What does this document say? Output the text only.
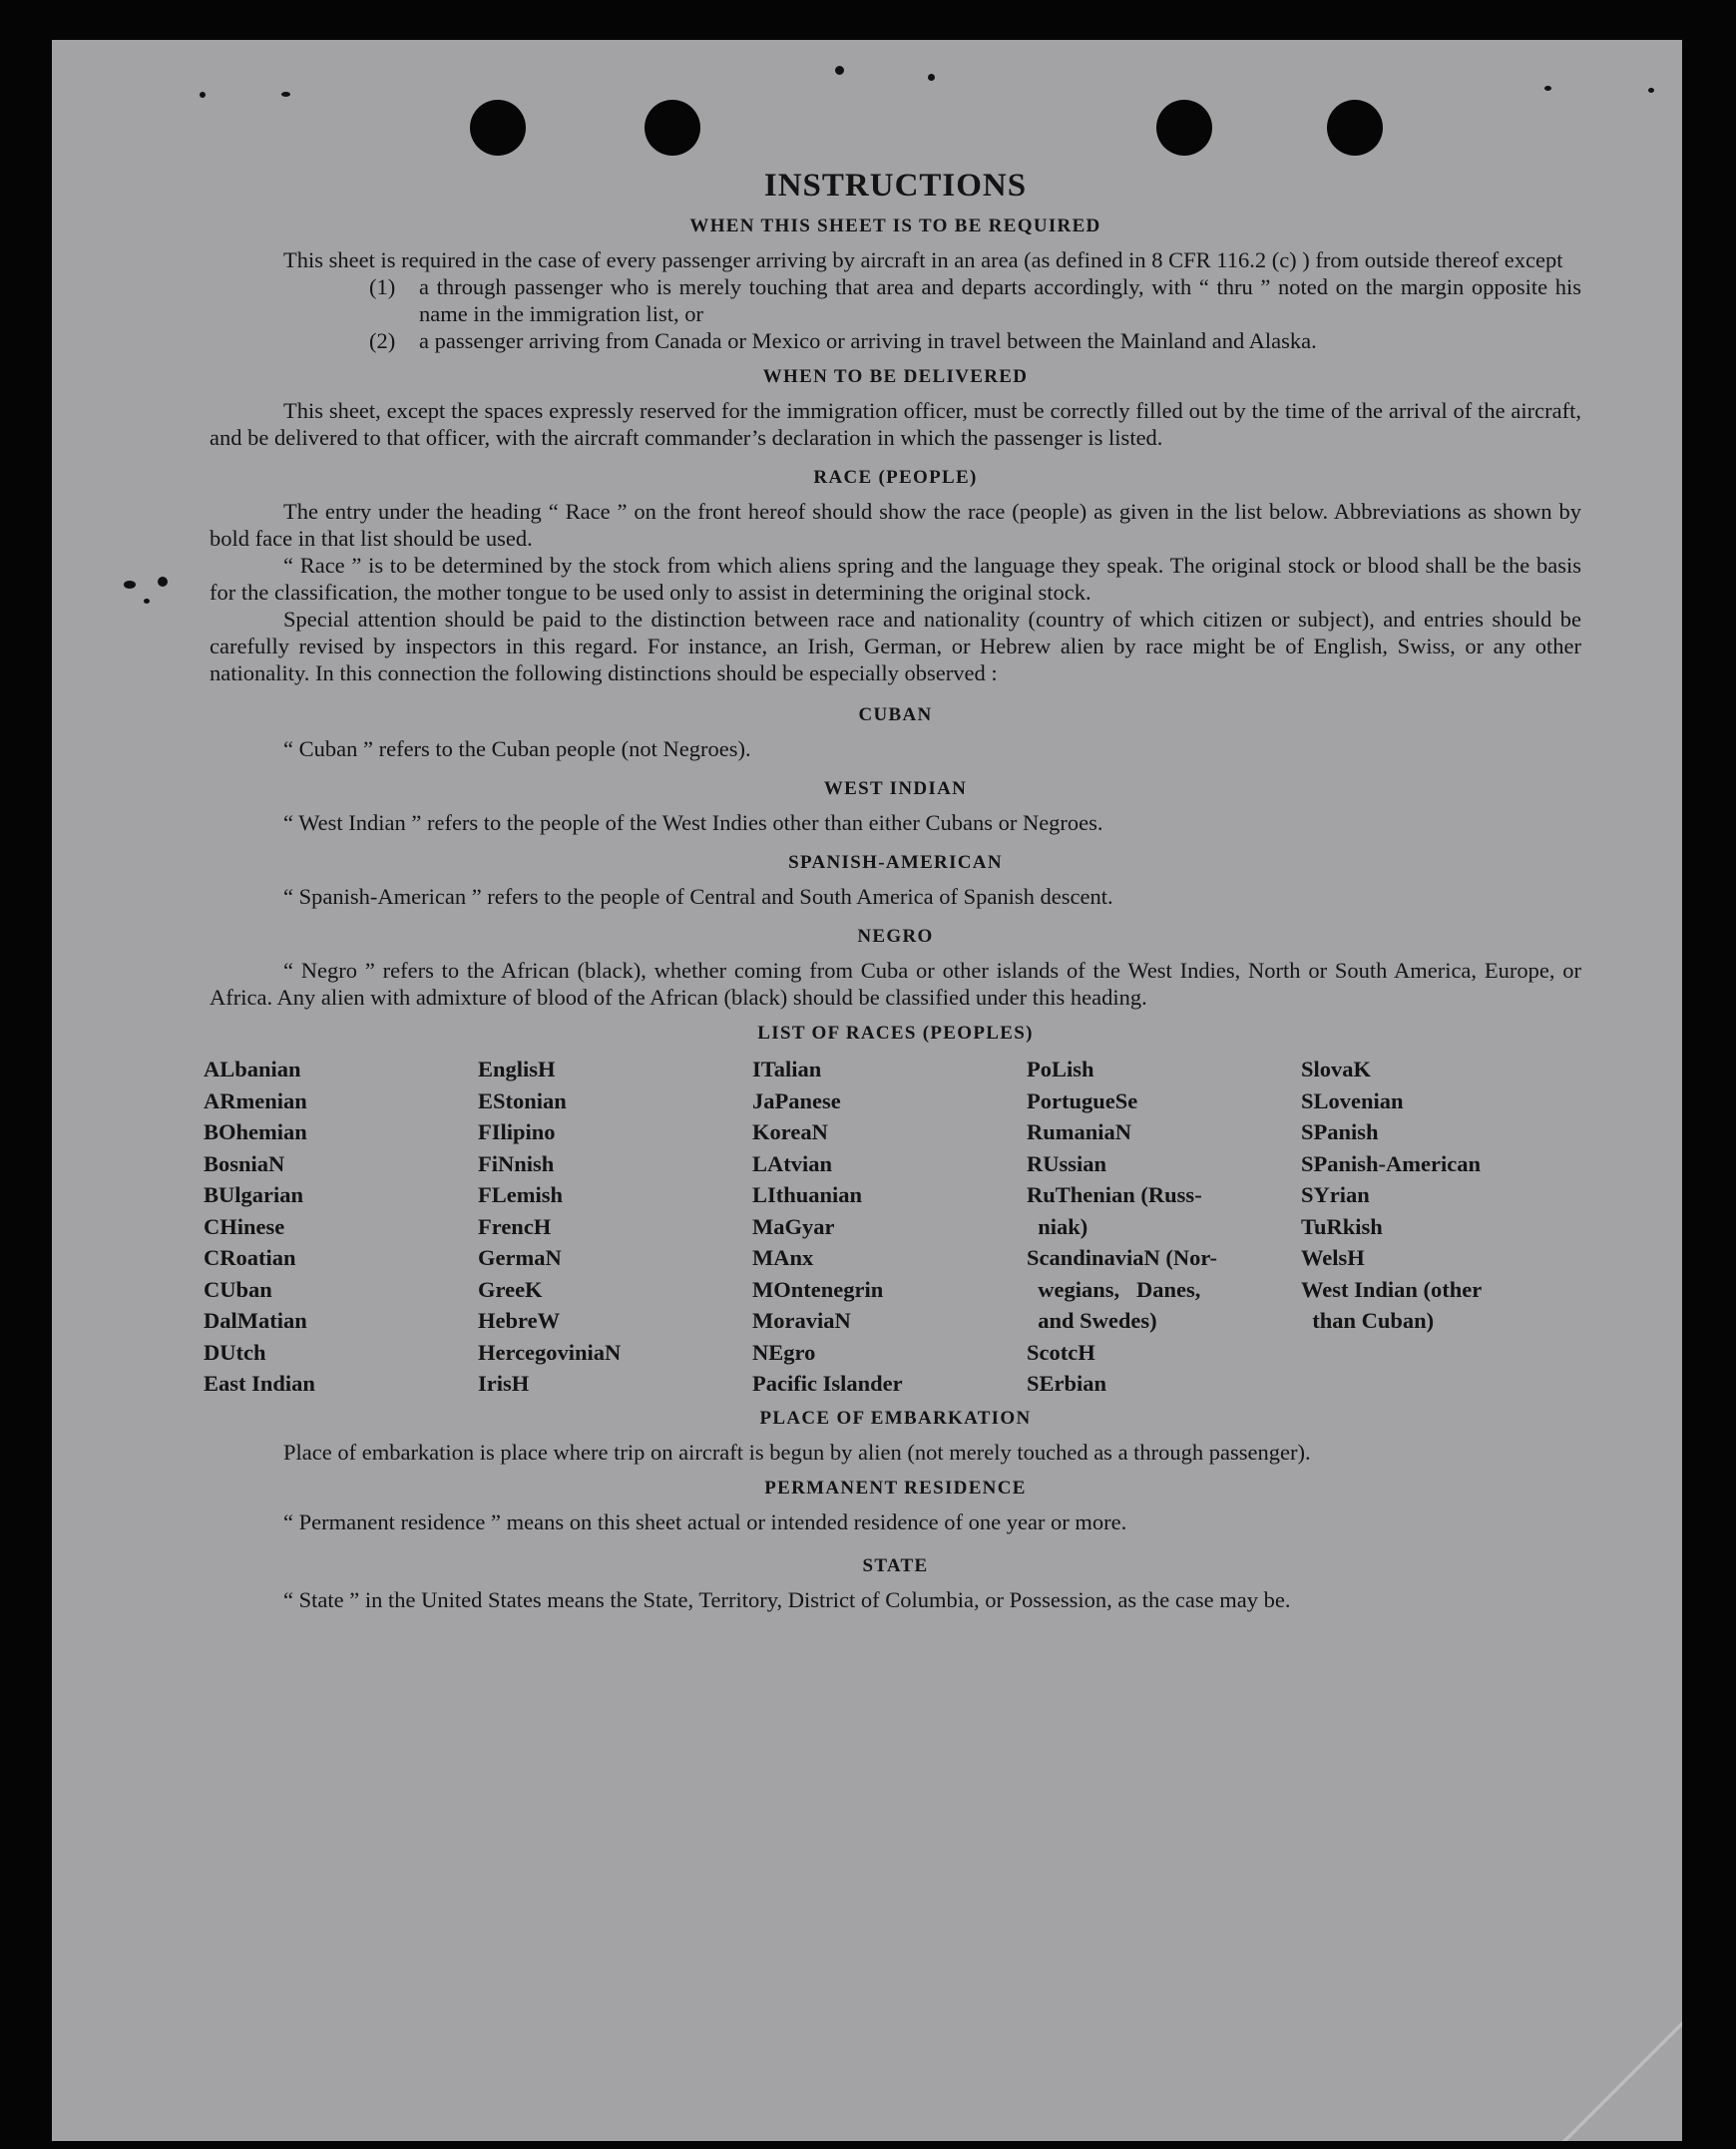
INSTRUCTIONS
WHEN THIS SHEET IS TO BE REQUIRED

This sheet is required in the case of every passenger arriving by aircraft in an area (as defined in 8 CFR 116.2 (c) ) from outside thereof except

(1)	a through passenger who is merely touching that area and departs accordingly, with “ thru ” noted on the margin opposite his name in the immigration list, or

(2)	a passenger arriving from Canada or Mexico or arriving in travel between the Mainland and Alaska.

WHEN TO BE DELIVERED

This sheet, except the spaces expressly reserved for the immigration officer, must be correctly filled out by the time of the arrival of the aircraft, and be delivered to that officer, with the aircraft commander’s declaration in which the passenger is listed.

RACE (PEOPLE)

The entry under the heading “ Race ” on the front hereof should show the race (people) as given in the list below. Abbreviations as shown by bold face in that list should be used.

“ Race ” is to be determined by the stock from which aliens spring and the language they speak. The original stock or blood shall be the basis for the classification, the mother tongue to be used only to assist in determining the original stock.

Special attention should be paid to the distinction between race and nationality (country of which citizen or subject), and entries should be carefully revised by inspectors in this regard. For instance, an Irish, German, or Hebrew alien by race might be of English, Swiss, or any other nationality. In this connection the following distinctions should be especially observed :

CUBAN

“ Cuban ” refers to the Cuban people (not Negroes).

WEST INDIAN

“ West Indian ” refers to the people of the West Indies other than either Cubans or Negroes.

SPANISH-AMERICAN

“ Spanish-American ” refers to the people of Central and South America of Spanish descent.

NEGRO

“ Negro ” refers to the African (black), whether coming from Cuba or other islands of the West Indies, North or South America, Europe, or Africa. Any alien with admixture of blood of the African (black) should be classified under this heading.

LIST OF RACES (PEOPLES)
ALbanian
ARmenian
BOhemian
BosniaN
BUlgarian
CHinese
CRoatian
CUban
DalMatian
DUtch
East Indian
EnglisH
EStonian
FIlipino
FiNnish
FLemish
FrencH
GermaN
GreeK
HebreW
HercegoviniaN
IrisH
ITalian
JaPanese
KoreaN
LAtvian
LIthuanian
MaGyar
MAnx
MOntenegrin
MoraviaN
NEgro
Pacific Islander
PoLish
PortugueSe
RumaniaN
RUssian
RuThenian (Russ-
niak)
ScandinaviaN (Nor-
wegians,   Danes,
and Swedes)
ScotcH
SErbian
SlovaK
SLovenian
SPanish
SPanish-American
SYrian
TuRkish
WelsH
West Indian (other
than Cuban)
PLACE OF EMBARKATION

Place of embarkation is place where trip on aircraft is begun by alien (not merely touched as a through passenger).

PERMANENT RESIDENCE

“ Permanent residence ” means on this sheet actual or intended residence of one year or more.

STATE

“ State ” in the United States means the State, Territory, District of Columbia, or Possession, as the case may be.
